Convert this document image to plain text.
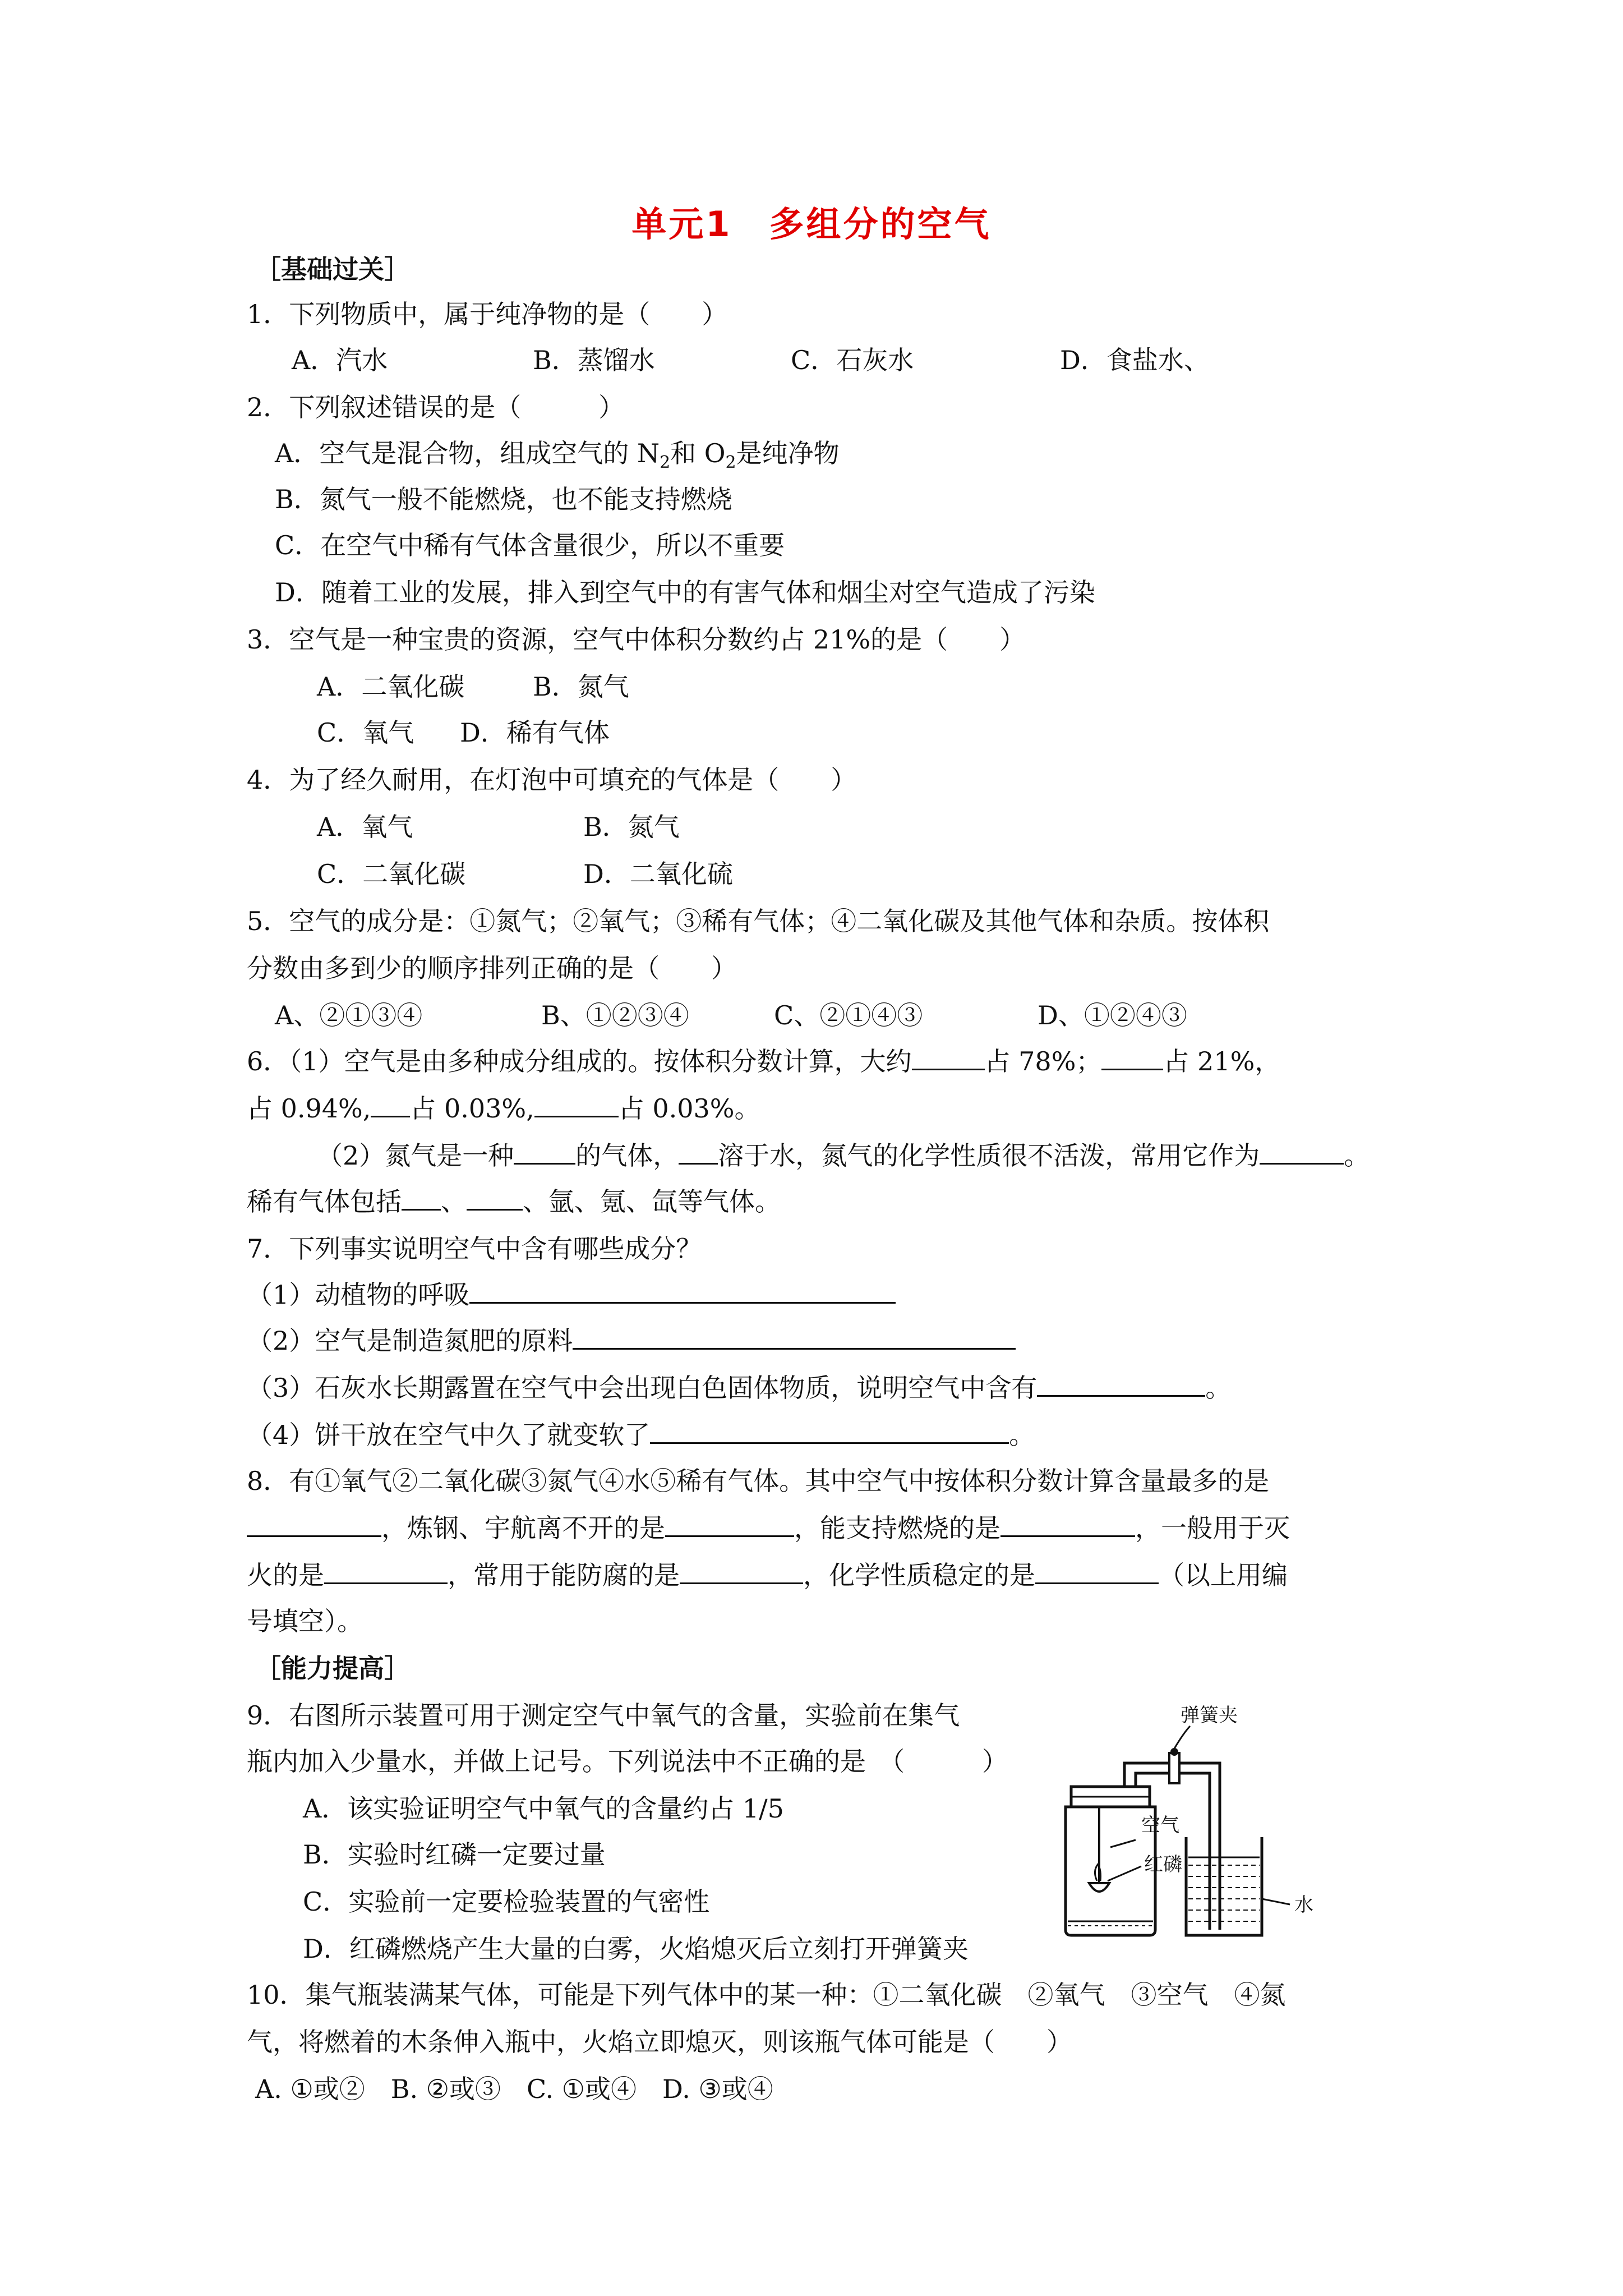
单元1　多组分的空气
［基础过关］
1．下列物质中，属于纯净物的是（　　）
A．汽水	B．蒸馏水	C．石灰水	D．食盐水、
2．下列叙述错误的是（　　　）
A．空气是混合物，组成空气的 $N_2$和 $O_2$是纯净物
B．氮气一般不能燃烧，也不能支持燃烧
C．在空气中稀有气体含量很少，所以不重要
D．随着工业的发展，排入到空气中的有害气体和烟尘对空气造成了污染
3．空气是一种宝贵的资源，空气中体积分数约占 21%的是（　　）
A．二氧化碳	B．氮气
C．氧气 D．稀有气体
4．为了经久耐用，在灯泡中可填充的气体是（　　）
A．氧气	B．氮气
C．二氧化碳	D．二氧化硫
5．空气的成分是：①氮气；②氧气；③稀有气体；④二氧化碳及其他气体和杂质。按体积
分数由多到少的顺序排列正确的是（　　）
A、②①③④	B、①②③④	C、②①④③	D、①②④③
6．（1）空气是由多种成分组成的。按体积分数计算，大约	占 78%； 占 21%，
占 0.94%, 占 0.03%,	占 0.03%。
（2）氮气是一种 的气体， 溶于水，氮气的化学性质很不活泼，常用它作为	。
稀有气体包括 、 、氩、氪、氙等气体。
7．下列事实说明空气中含有哪些成分？
（1）动植物的呼吸
（2）空气是制造氮肥的原料
（3）石灰水长期露置在空气中会出现白色固体物质，说明空气中含有	。
（4）饼干放在空气中久了就变软了	。
8．有①氧气②二氧化碳③氮气④水⑤稀有气体。其中空气中按体积分数计算含量最多的是
，炼钢、宇航离不开的是	，能支持燃烧的是	，一般用于灭
火的是	，常用于能防腐的是	，化学性质稳定的是	（以上用编
号填空）。
［能力提高］
9．右图所示装置可用于测定空气中氧气的含量，实验前在集气
瓶内加入少量水，并做上记号。下列说法中不正确的是　（　　　）
A．该实验证明空气中氧气的含量约占 1/5
B．实验时红磷一定要过量
C．实验前一定要检验装置的气密性
D．红磷燃烧产生大量的白雾，火焰熄灭后立刻打开弹簧夹
弹簧夹
空气
红磷
水
10．集气瓶装满某气体，可能是下列气体中的某一种：①二氧化碳　②氧气　③空气　④氮
气，将燃着的木条伸入瓶中，火焰立即熄灭，则该瓶气体可能是（　　）
A. ①或②　B. ②或③　C. ①或④　D. ③或④
